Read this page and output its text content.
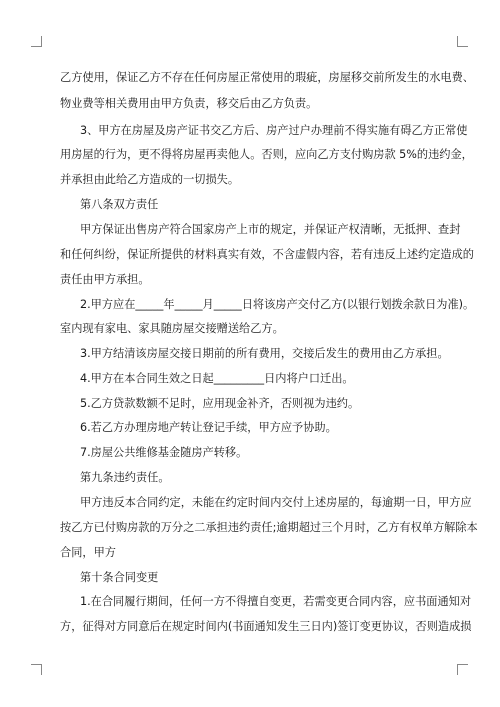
乙方使用，保证乙方不存在任何房屋正常使用的瑕疵，房屋移交前所发生的水电费、
物业费等相关费用由甲方负责，移交后由乙方负责。
3、甲方在房屋及房产证书交乙方后、房产过户办理前不得实施有碍乙方正常使
用房屋的行为，更不得将房屋再卖他人。否则，应向乙方支付购房款 5%的违约金，
并承担由此给乙方造成的一切损失。
第八条双方责任
甲方保证出售房产符合国家房产上市的规定，并保证产权清晰，无抵押、查封
和任何纠纷，保证所提供的材料真实有效，不含虚假内容，若有违反上述约定造成的
责任由甲方承担。
2.甲方应在_____年_____月_____日将该房产交付乙方(以银行划拨余款日为准)。
室内现有家电、家具随房屋交接赠送给乙方。
3.甲方结清该房屋交接日期前的所有费用，交接后发生的费用由乙方承担。
4.甲方在本合同生效之日起_________日内将户口迁出。
5.乙方贷款数额不足时，应用现金补齐，否则视为违约。
6.若乙方办理房地产转让登记手续，甲方应予协助。
7.房屋公共维修基金随房产转移。
第九条违约责任。
甲方违反本合同约定，未能在约定时间内交付上述房屋的，每逾期一日，甲方应
按乙方已付购房款的万分之二承担违约责任;逾期超过三个月时，乙方有权单方解除本
合同，甲方
第十条合同变更
1.在合同履行期间，任何一方不得擅自变更，若需变更合同内容，应书面通知对
方，征得对方同意后在规定时间内(书面通知发生三日内)签订变更协议，否则造成损
